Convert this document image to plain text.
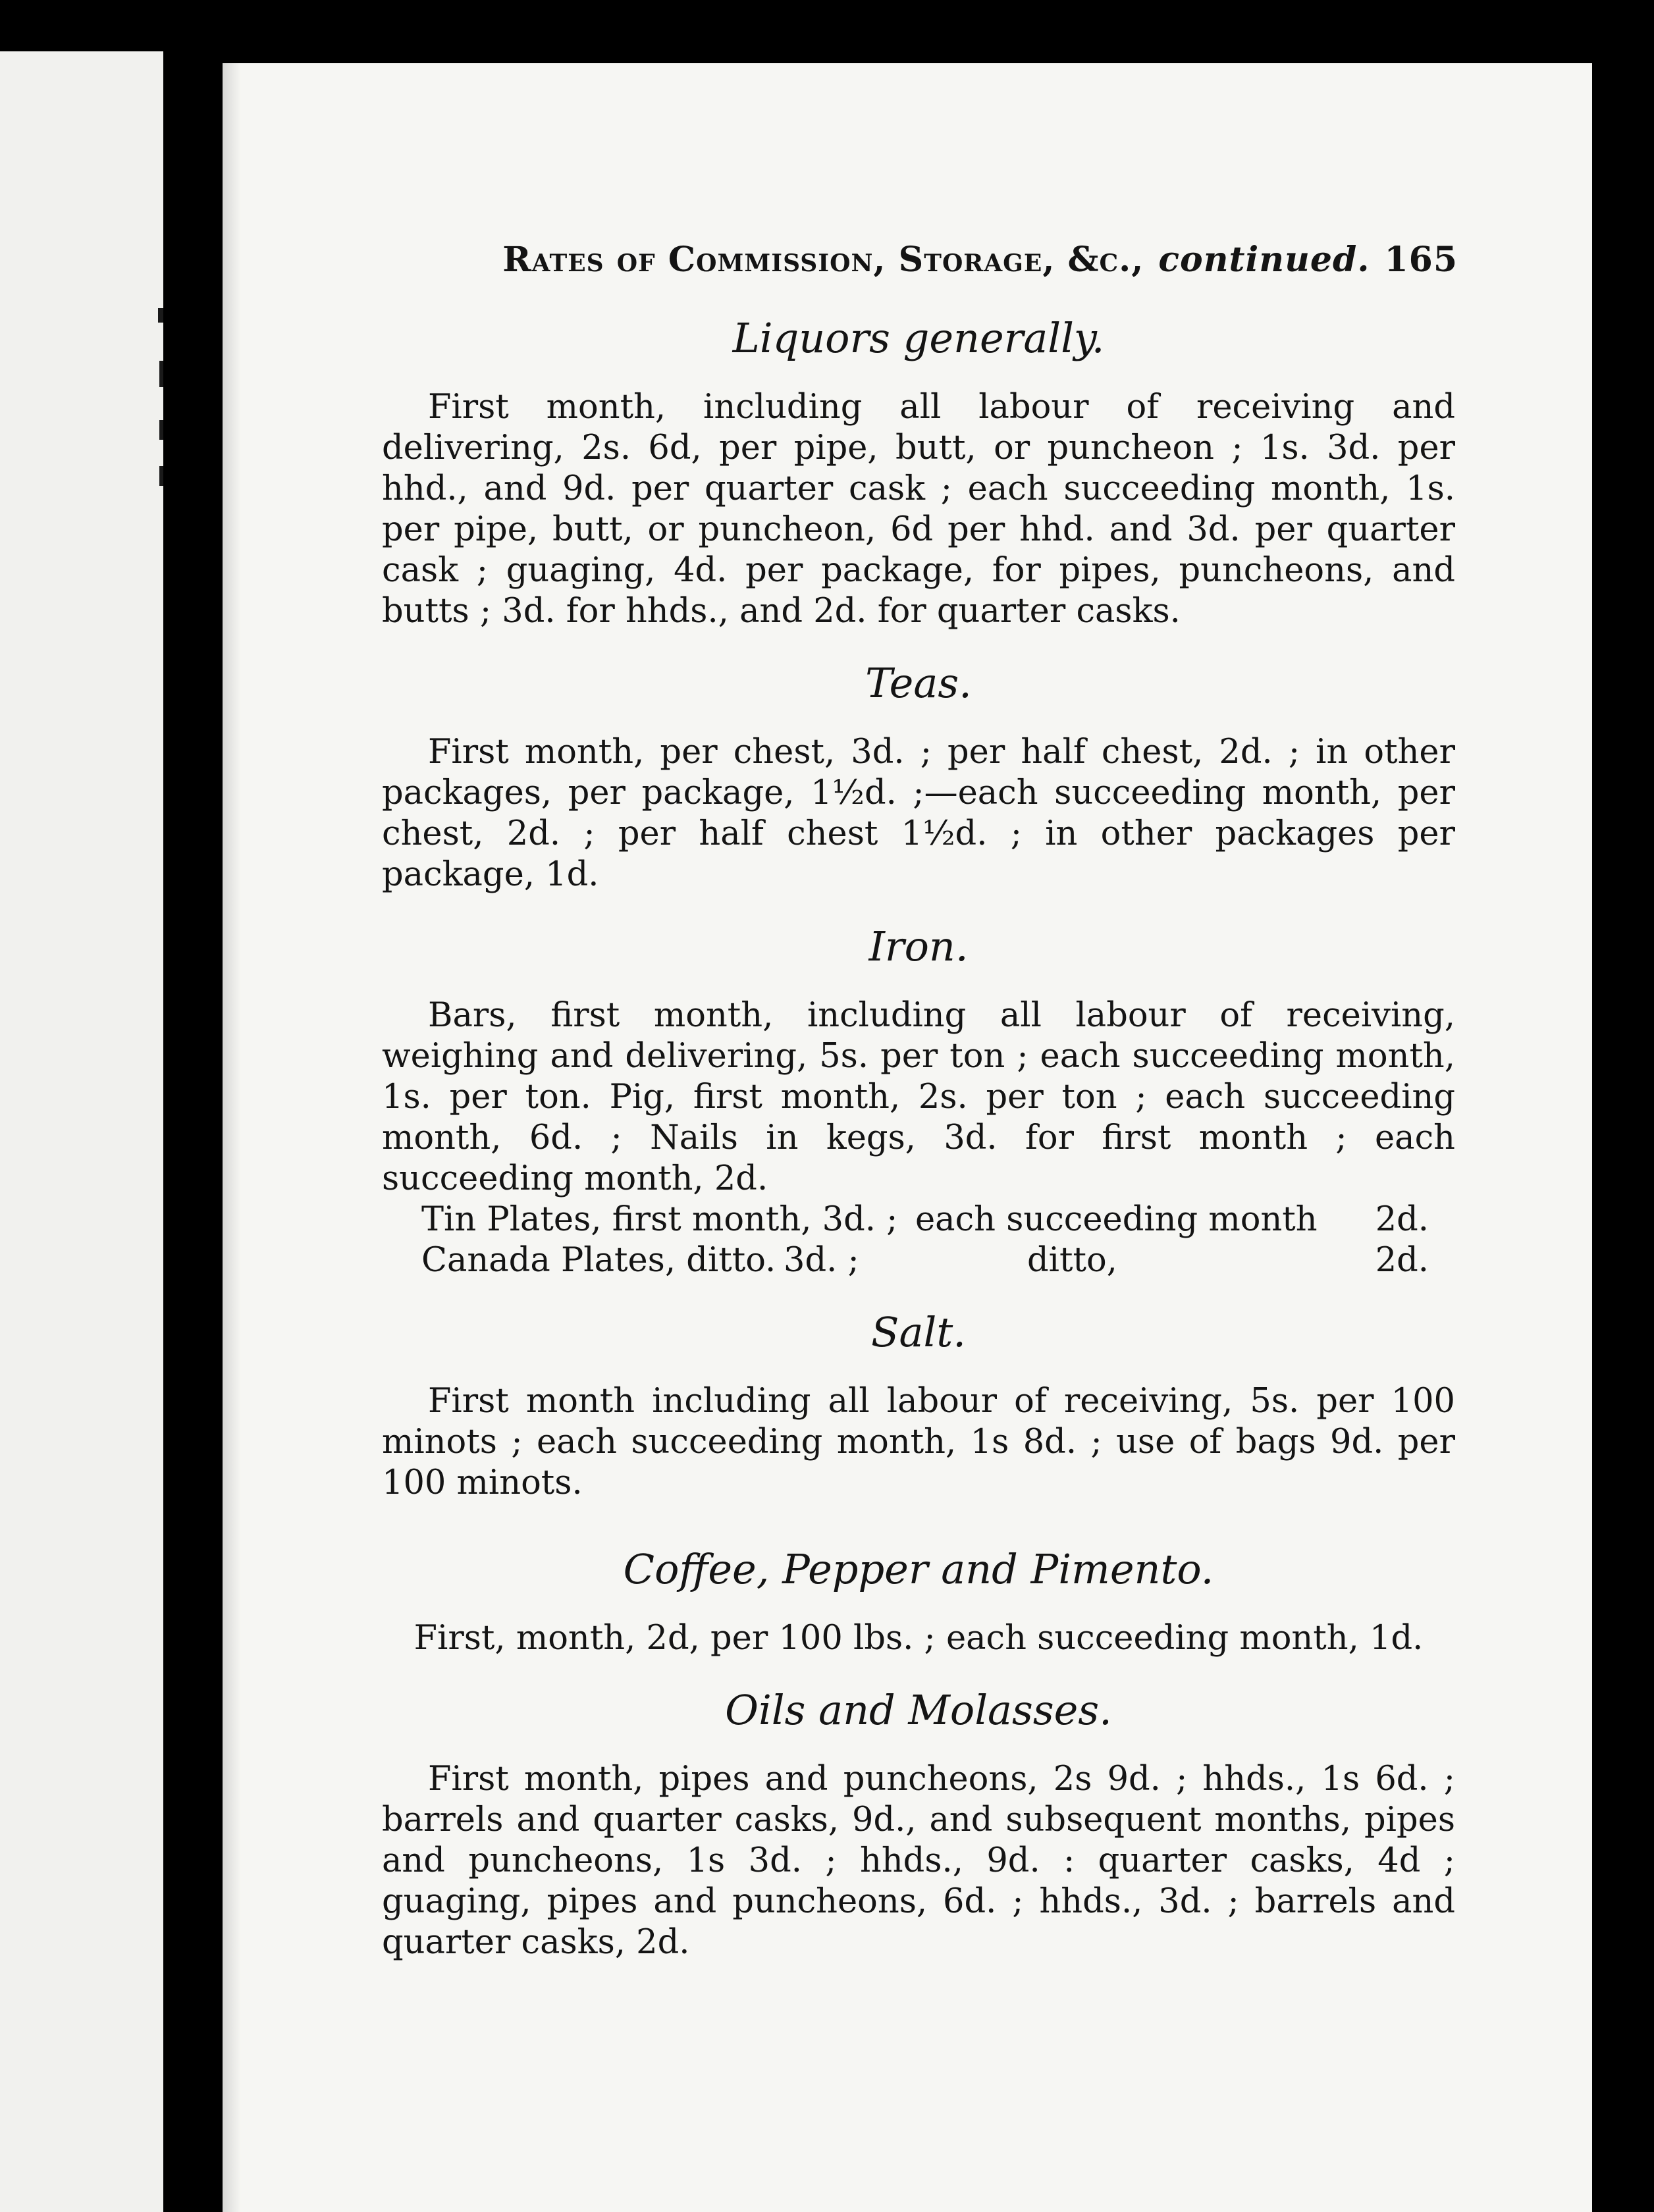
Rates of Commission, Storage, &c., continued. 165
Liquors generally.

First month, including all labour of receiving and delivering, 2s. 6d, per pipe, butt, or puncheon ; 1s. 3d. per hhd., and 9d. per quarter cask ; each succeeding month, 1s. per pipe, butt, or puncheon, 6d per hhd. and 3d. per quarter cask ; guaging, 4d. per package, for pipes, puncheons, and butts ; 3d. for hhds., and 2d. for quarter casks.

Teas.

First month, per chest, 3d. ; per half chest, 2d. ; in other packages, per package, 1½d. ;—each succeeding month, per chest, 2d. ; per half chest 1½d. ; in other packages per package, 1d.

Iron.

Bars, first month, including all labour of receiving, weighing and delivering, 5s. per ton ; each succeeding month, 1s. per ton. Pig, first month, 2s. per ton ; each succeeding month, 6d. ; Nails in kegs, 3d. for first month ; each succeeding month, 2d.

Tin Plates, first month, 3d. ; each succeeding month 2d.
Canada Plates, ditto. 3d. ;	ditto,	2d.
Salt.

First month including all labour of receiving, 5s. per 100 minots ; each succeeding month, 1s 8d. ; use of bags 9d. per 100 minots.

Coffee, Pepper and Pimento.

First, month, 2d, per 100 lbs. ; each succeeding month, 1d.

Oils and Molasses.

First month, pipes and puncheons, 2s 9d. ; hhds., 1s 6d. ; barrels and quarter casks, 9d., and subsequent months, pipes and puncheons, 1s 3d. ; hhds., 9d. : quarter casks, 4d ; guaging, pipes and puncheons, 6d. ; hhds., 3d. ; barrels and quarter casks, 2d.
